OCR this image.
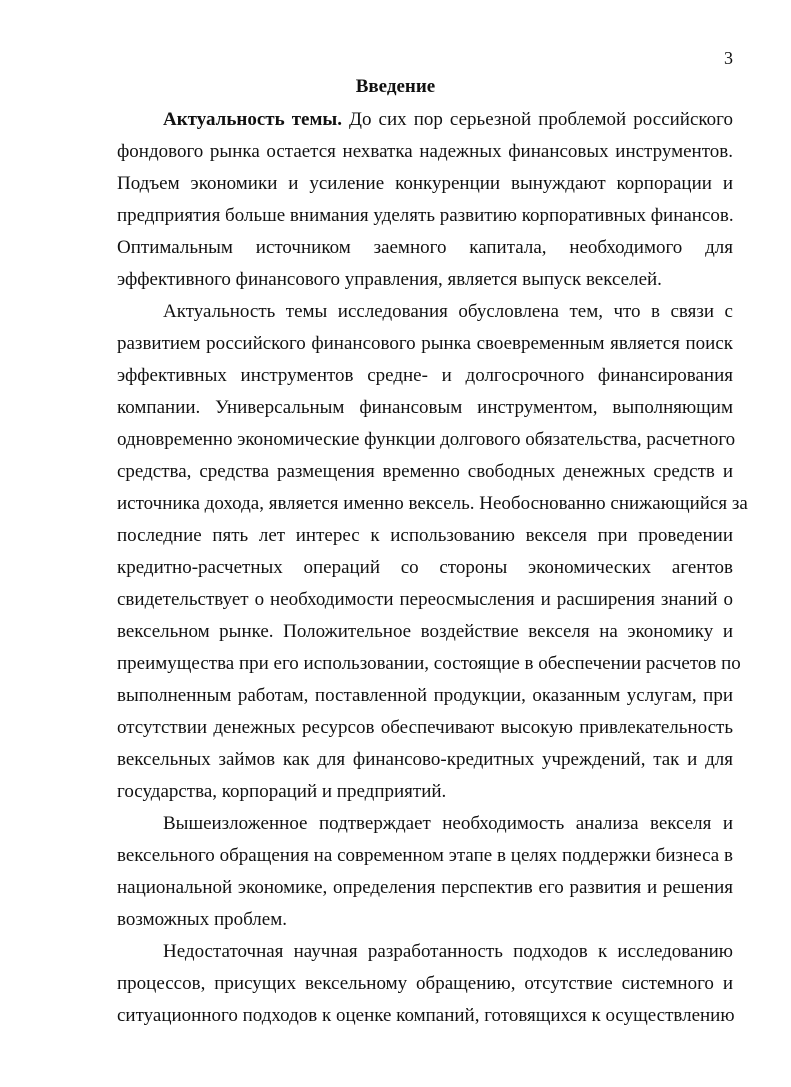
3
Введение
Актуальность темы. До сих пор серьезной проблемой российского
фондового рынка остается нехватка надежных финансовых инструментов.
Подъем экономики и усиление конкуренции вынуждают корпорации и
предприятия больше внимания уделять развитию корпоративных финансов.
Оптимальным источником заемного капитала, необходимого для
эффективного финансового управления, является выпуск векселей.
Актуальность темы исследования обусловлена тем, что в связи с
развитием российского финансового рынка своевременным является поиск
эффективных инструментов средне- и долгосрочного финансирования
компании. Универсальным финансовым инструментом, выполняющим
одновременно экономические функции долгового обязательства, расчетного
средства, средства размещения временно свободных денежных средств и
источника дохода, является именно вексель. Необоснованно снижающийся за
последние пять лет интерес к использованию векселя при проведении
кредитно-расчетных операций со стороны экономических агентов
свидетельствует о необходимости переосмысления и расширения знаний о
вексельном рынке. Положительное воздействие векселя на экономику и
преимущества при его использовании, состоящие в обеспечении расчетов по
выполненным работам, поставленной продукции, оказанным услугам, при
отсутствии денежных ресурсов обеспечивают высокую привлекательность
вексельных займов как для финансово-кредитных учреждений, так и для
государства, корпораций и предприятий.
Вышеизложенное подтверждает необходимость анализа векселя и
вексельного обращения на современном этапе в целях поддержки бизнеса в
национальной экономике, определения перспектив его развития и решения
возможных проблем.
Недостаточная научная разработанность подходов к исследованию
процессов, присущих вексельному обращению, отсутствие системного и
ситуационного подходов к оценке компаний, готовящихся к осуществлению
